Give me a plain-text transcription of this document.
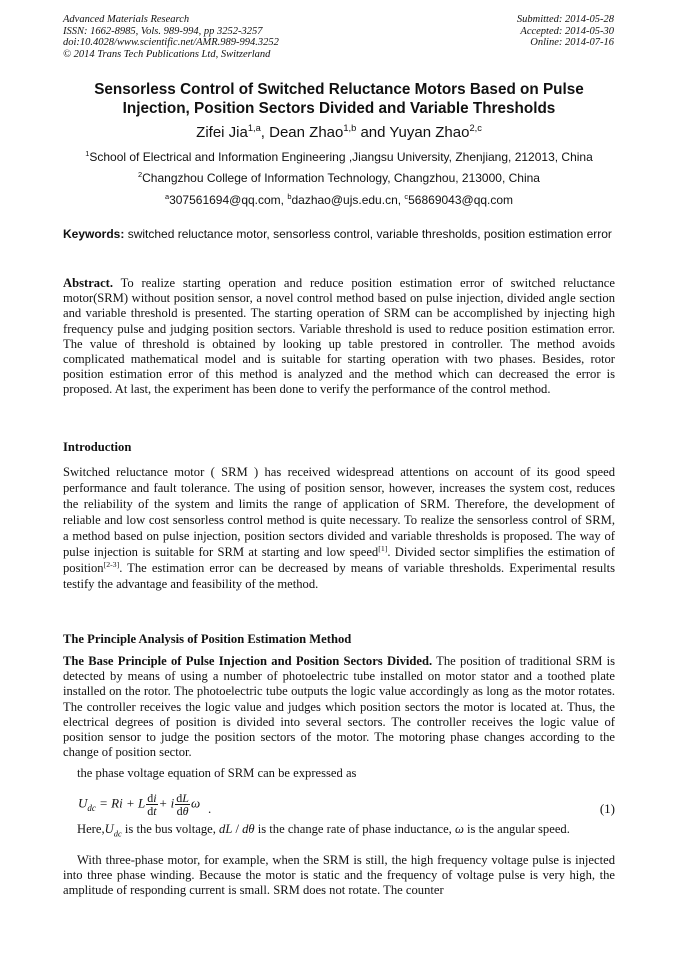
Advanced Materials Research
ISSN: 1662-8985, Vols. 989-994, pp 3252-3257
doi:10.4028/www.scientific.net/AMR.989-994.3252
© 2014 Trans Tech Publications Ltd, Switzerland
Submitted: 2014-05-28
Accepted: 2014-05-30
Online: 2014-07-16
Sensorless Control of Switched Reluctance Motors Based on Pulse Injection, Position Sectors Divided and Variable Thresholds
Zifei Jia$^{1,a}$, Dean Zhao$^{1,b}$ and Yuyan Zhao$^{2,c}$
$^1$School of Electrical and Information Engineering ,Jiangsu University, Zhenjiang, 212013, China
$^2$Changzhou College of Information Technology, Changzhou, 213000, China
$^a$307561694@qq.com, $^b$dazhao@ujs.edu.cn, $^c$56869043@qq.com
Keywords: switched reluctance motor, sensorless control, variable thresholds, position estimation error

Abstract. To realize starting operation and reduce position estimation error of switched reluctance motor(SRM) without position sensor, a novel control method based on pulse injection, divided angle section and variable threshold is presented. The starting operation of SRM can be accomplished by injecting high frequency pulse and judging position sectors. Variable threshold is used to reduce position estimation error. The value of threshold is obtained by looking up table prestored in controller. The method avoids complicated mathematical model and is suitable for starting operation with two phases. Besides, rotor position estimation error of this method is analyzed and the method which can decreased the error is proposed. At last, the experiment has been done to verify the performance of the control method.

Introduction

Switched reluctance motor ( SRM ) has received widespread attentions on account of its good speed performance and fault tolerance. The using of position sensor, however, increases the system cost, reduces the reliability of the system and limits the range of application of SRM. Therefore, the development of reliable and low cost sensorless control method is quite necessary. To realize the sensorless control of SRM, a method based on pulse injection, position sectors divided and variable thresholds is proposed. The way of pulse injection is suitable for SRM at starting and low speed[1]. Divided sector simplifies the estimation of position[2-3]. The estimation error can be decreased by means of variable thresholds. Experimental results testify the advantage and feasibility of the method.

The Principle Analysis of Position Estimation Method

The Base Principle of Pulse Injection and Position Sectors Divided. The position of traditional SRM is detected by means of using a number of photoelectric tube installed on motor stator and a toothed plate installed on the rotor. The photoelectric tube outputs the logic value accordingly as long as the motor rotates. The controller receives the logic value and judges which position sectors the motor is located at. Thus, the electrical degrees of position is divided into several sectors. The controller receives the logic value of position sensor to judge the position sectors of the motor. The motoring phase changes according to the change of position sector.

the phase voltage equation of SRM can be expressed as
$U_{dc} = Ri + L \frac{di}{dt} + i \frac{dL}{d\theta}$ ω .	(1)

$Here,U_{dc}$ is the bus voltage, dL / dθ is the change rate of phase inductance, ω is the angular speed.

With three-phase motor, for example, when the SRM is still, the high frequency voltage pulse is injected into three phase winding. Because the motor is static and the frequency of voltage pulse is very high, the amplitude of responding current is small. SRM does not rotate. The counter
